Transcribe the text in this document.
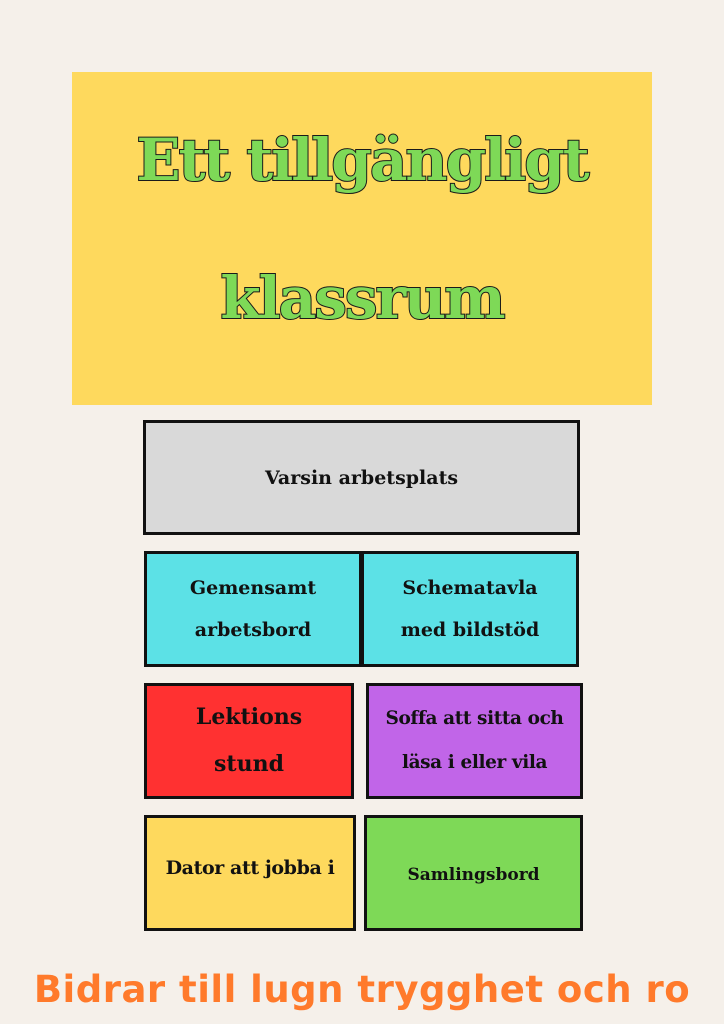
Ett tillgängligt
klassrum
Varsin arbetsplats
Gemensamt
arbetsbord
Schematavla
med bildstöd
Lektions
stund
Soffa att sitta och
läsa i eller vila
Dator att jobba i	Samlingsbord
Bidrar till lugn trygghet och ro
